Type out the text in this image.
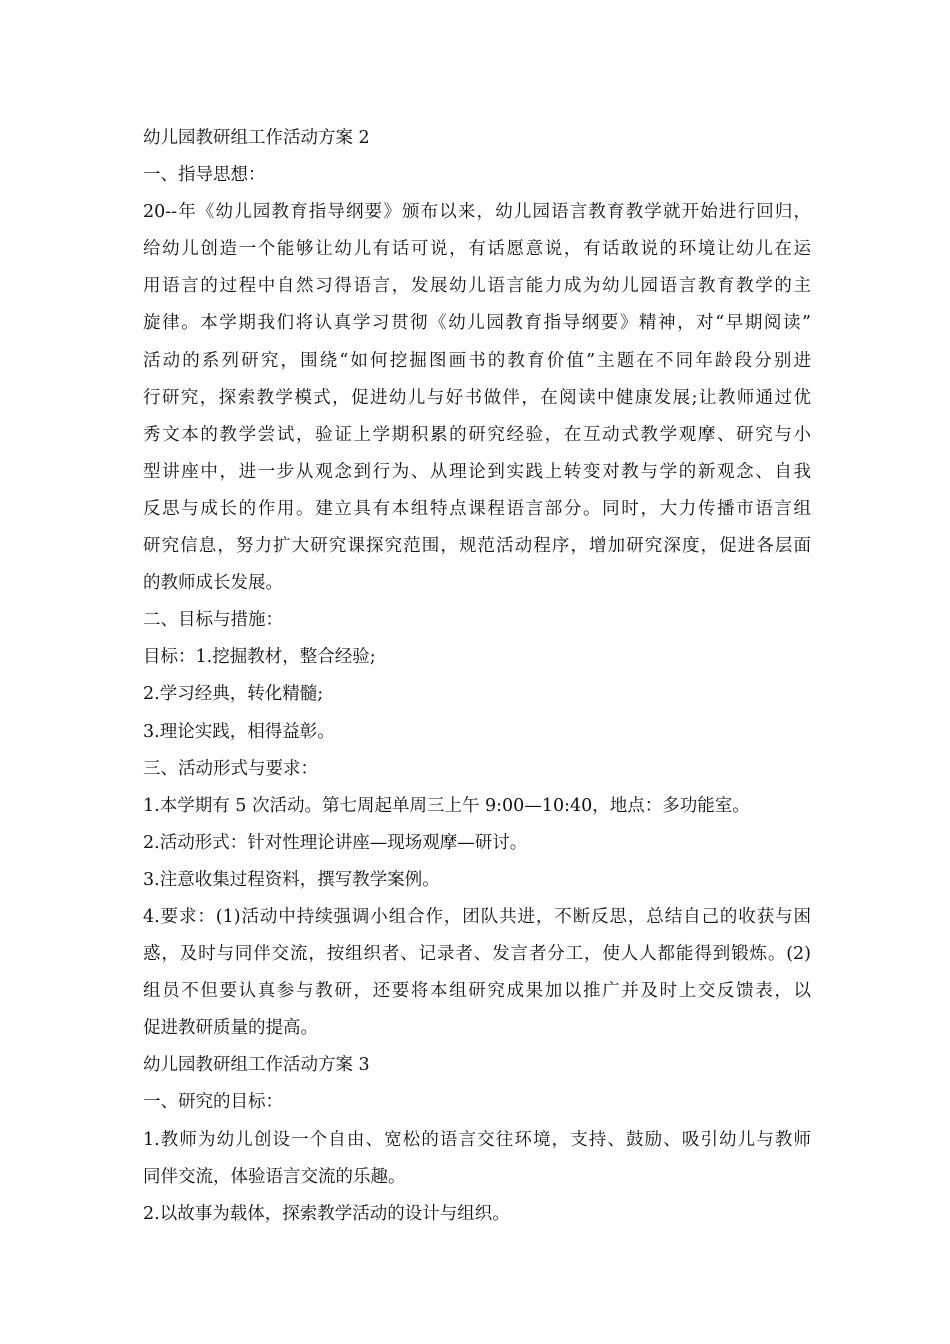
幼儿园教研组工作活动方案 2
一、指导思想：
20--年《幼儿园教育指导纲要》颁布以来，幼儿园语言教育教学就开始进行回归，
给幼儿创造一个能够让幼儿有话可说，有话愿意说，有话敢说的环境让幼儿在运
用语言的过程中自然习得语言，发展幼儿语言能力成为幼儿园语言教育教学的主
旋律。本学期我们将认真学习贯彻《幼儿园教育指导纲要》精神，对“早期阅读”
活动的系列研究，围绕“如何挖掘图画书的教育价值”主题在不同年龄段分别进
行研究，探索教学模式，促进幼儿与好书做伴，在阅读中健康发展;让教师通过优
秀文本的教学尝试，验证上学期积累的研究经验，在互动式教学观摩、研究与小
型讲座中，进一步从观念到行为、从理论到实践上转变对教与学的新观念、自我
反思与成长的作用。建立具有本组特点课程语言部分。同时，大力传播市语言组
研究信息，努力扩大研究课探究范围，规范活动程序，增加研究深度，促进各层面
的教师成长发展。
二、目标与措施：
目标：1.挖掘教材，整合经验;
2.学习经典，转化精髓;
3.理论实践，相得益彰。
三、活动形式与要求：
1.本学期有 5 次活动。第七周起单周三上午 9:00—10:40，地点：多功能室。
2.活动形式：针对性理论讲座—现场观摩—研讨。
3.注意收集过程资料，撰写教学案例。
4.要求：(1)活动中持续强调小组合作，团队共进，不断反思，总结自己的收获与困
惑，及时与同伴交流，按组织者、记录者、发言者分工，使人人都能得到锻炼。(2)
组员不但要认真参与教研，还要将本组研究成果加以推广并及时上交反馈表，以
促进教研质量的提高。
幼儿园教研组工作活动方案 3
一、研究的目标：
1.教师为幼儿创设一个自由、宽松的语言交往环境，支持、鼓励、吸引幼儿与教师
同伴交流，体验语言交流的乐趣。
2.以故事为载体，探索教学活动的设计与组织。
